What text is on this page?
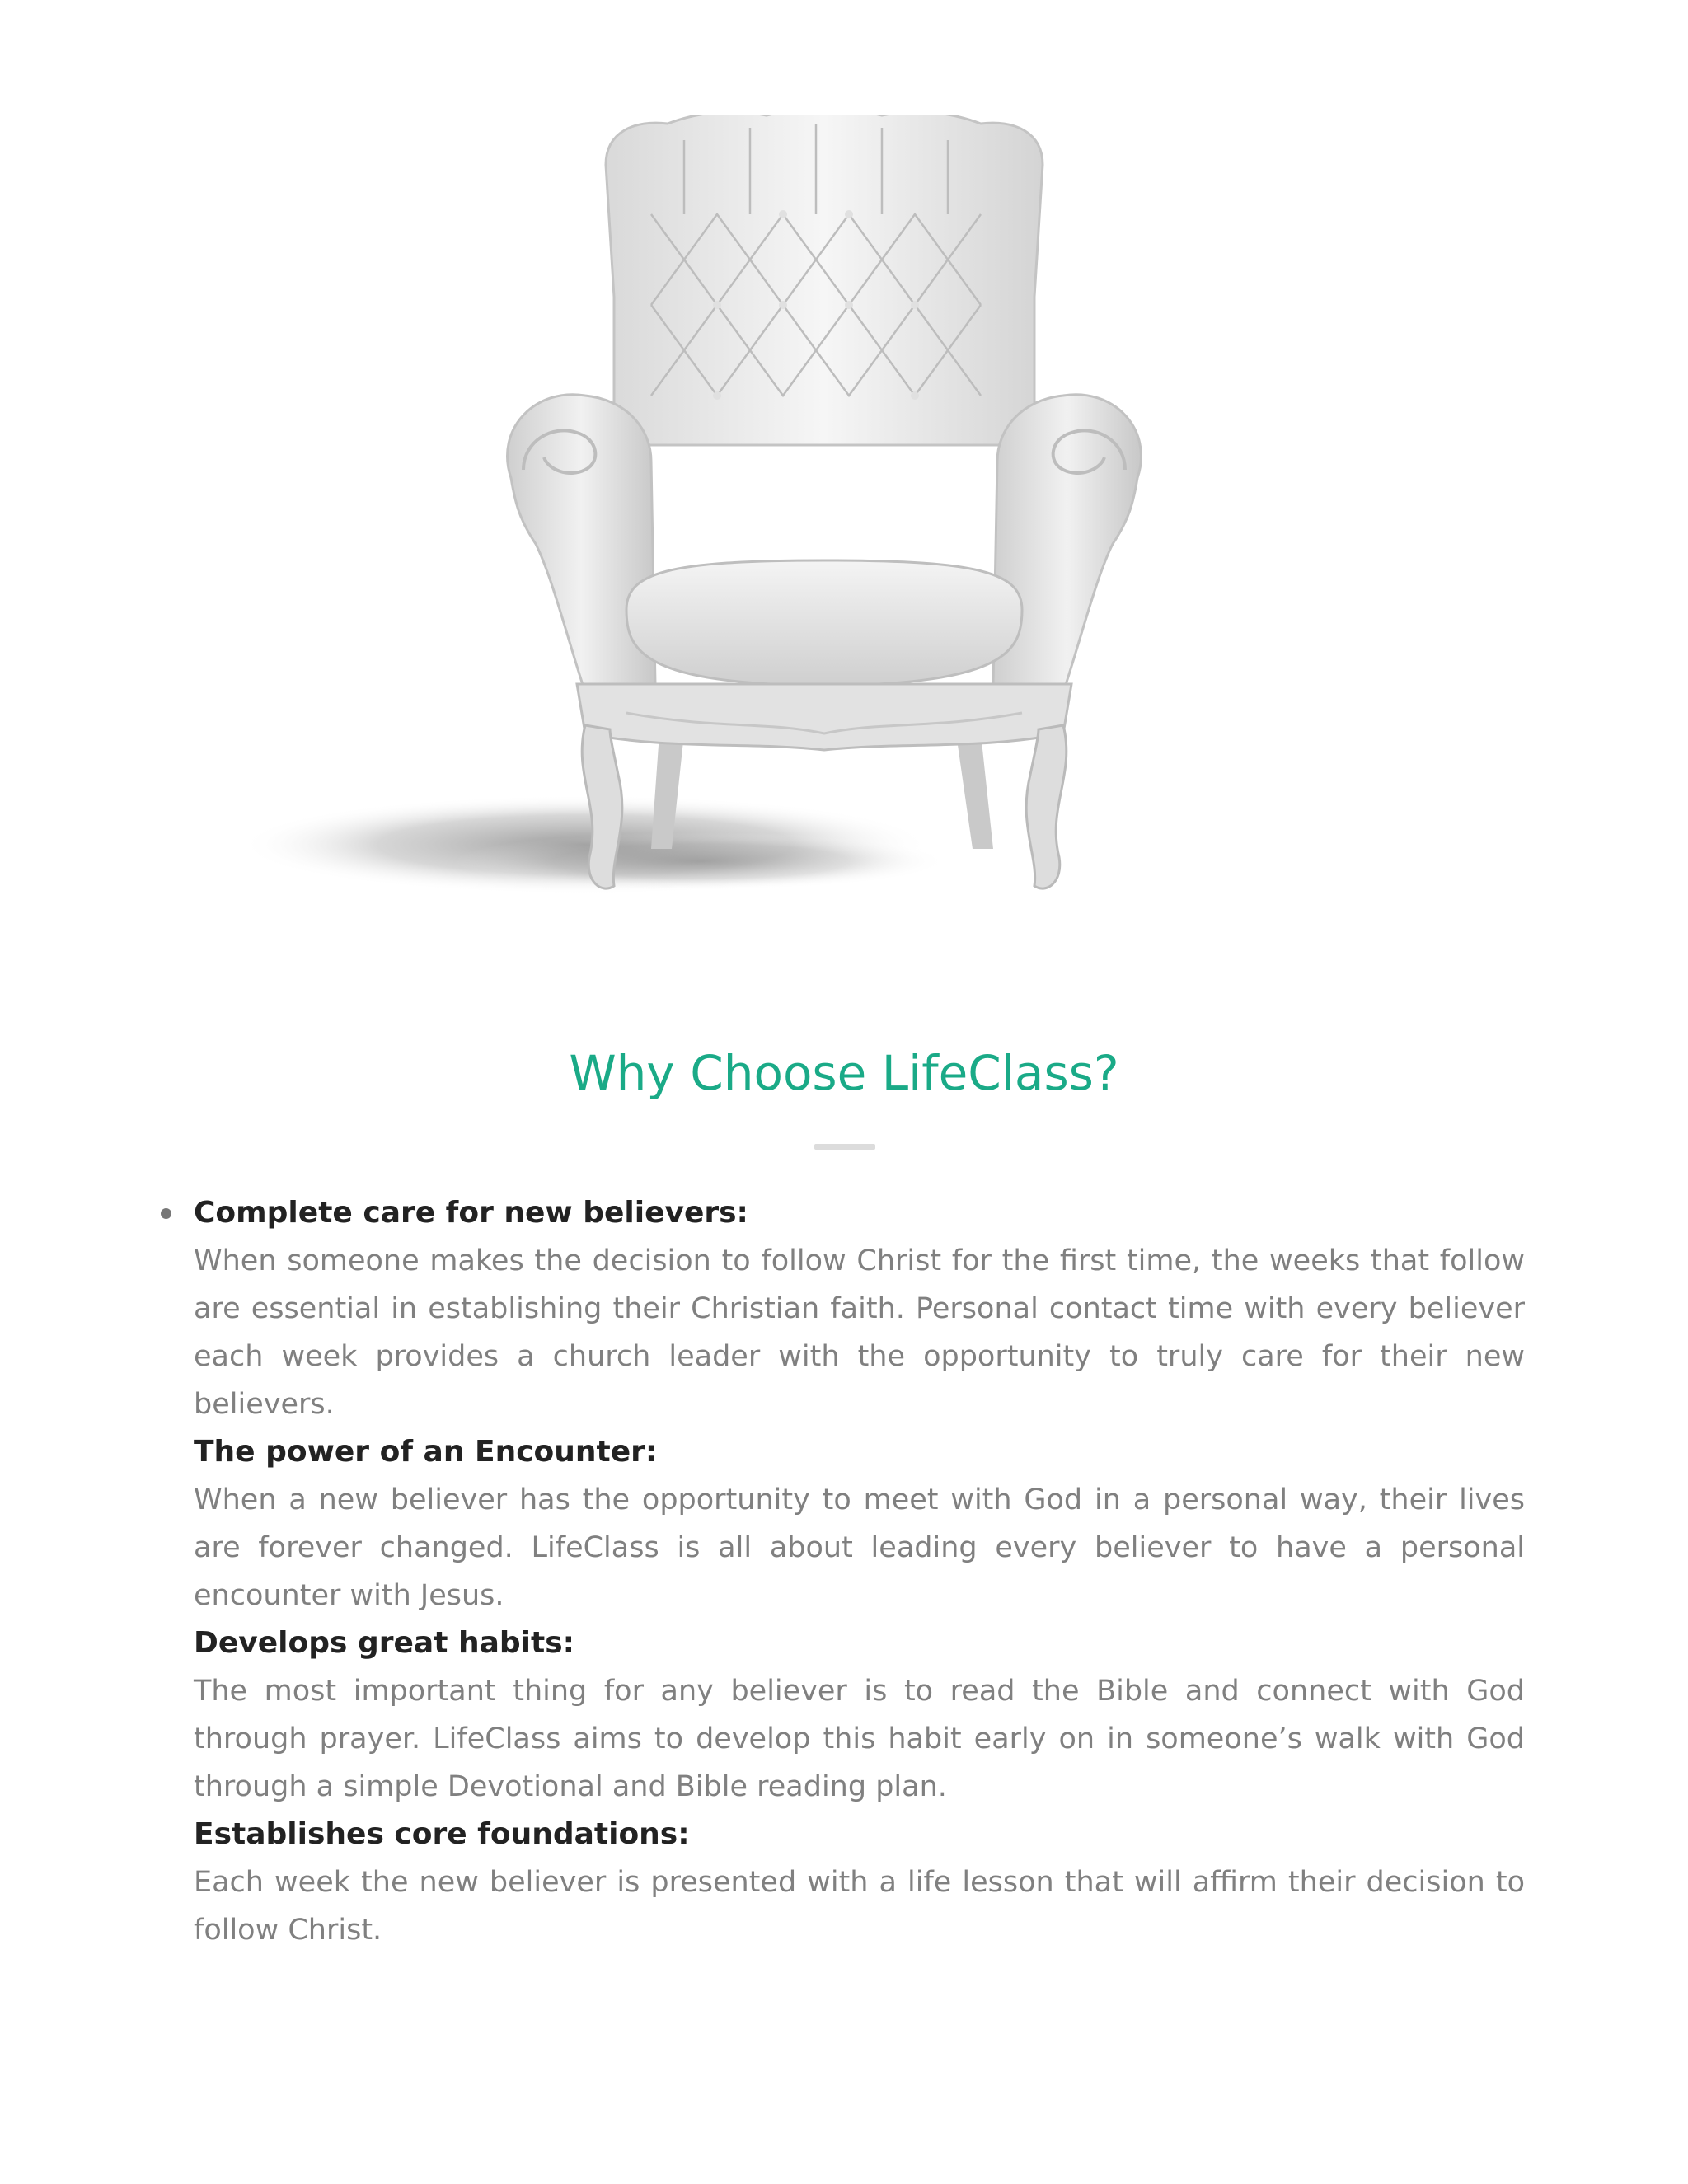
Why Choose LifeClass?
Complete care for new believers:
When someone makes the decision to follow Christ for the first time, the weeks that follow are essential in establishing their Christian faith. Personal contact time with every believer each week provides a church leader with the opportunity to truly care for their new believers.
The power of an Encounter:
When a new believer has the opportunity to meet with God in a personal way, their lives are forever changed. LifeClass is all about leading every believer to have a personal encounter with Jesus.
Develops great habits:
The most important thing for any believer is to read the Bible and connect with God through prayer. LifeClass aims to develop this habit early on in someone’s walk with God through a simple Devotional and Bible reading plan.
Establishes core foundations:
Each week the new believer is presented with a life lesson that will affirm their decision to follow Christ.
